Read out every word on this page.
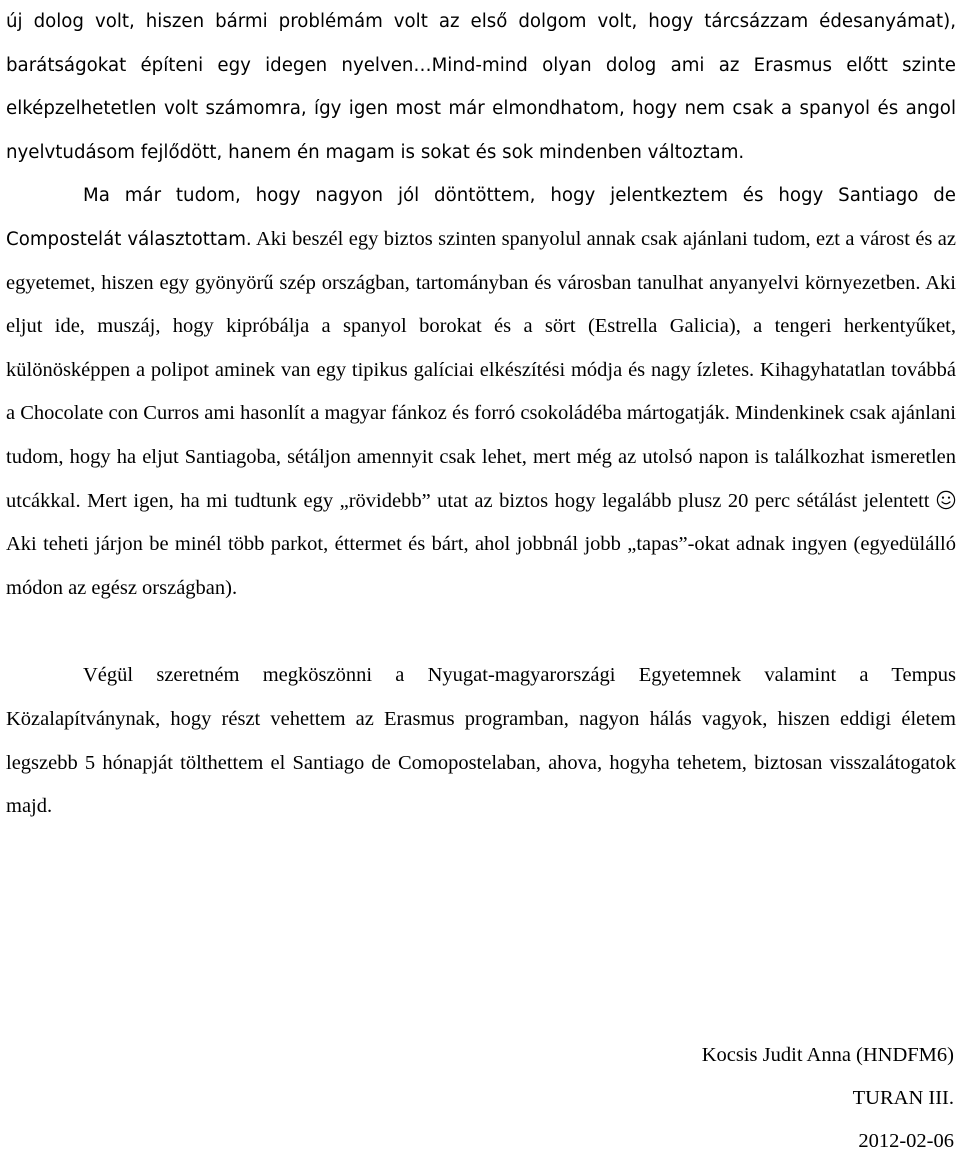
új dolog volt, hiszen bármi problémám volt az első dolgom volt, hogy tárcsázzam édesanyámat), barátságokat építeni egy idegen nyelven…Mind-mind olyan dolog ami az Erasmus előtt szinte elképzelhetetlen volt számomra, így igen most már elmondhatom, hogy nem csak a spanyol és angol nyelvtudásom fejlődött, hanem én magam is sokat és sok mindenben változtam.

Ma már tudom, hogy nagyon jól döntöttem, hogy jelentkeztem és hogy Santiago de Compostelát választottam. Aki beszél egy biztos szinten spanyolul annak csak ajánlani tudom, ezt a várost és az egyetemet, hiszen egy gyönyörű szép országban, tartományban és városban tanulhat anyanyelvi környezetben. Aki eljut ide, muszáj, hogy kipróbálja a spanyol borokat és a sört (Estrella Galicia), a tengeri herkentyűket, különösképpen a polipot aminek van egy tipikus galíciai elkészítési módja és nagy ízletes. Kihagyhatatlan továbbá a Chocolate con Curros ami hasonlít a magyar fánkoz és forró csokoládéba mártogatják. Mindenkinek csak ajánlani tudom, hogy ha eljut Santiagoba, sétáljon amennyit csak lehet, mert még az utolsó napon is találkozhat ismeretlen utcákkal. Mert igen, ha mi tudtunk egy „rövidebb” utat az biztos hogy legalább plusz 20 perc sétálást jelentett
Aki teheti járjon be minél több parkot, éttermet és bárt, ahol jobbnál jobb „tapas”-okat adnak ingyen (egyedülálló módon az egész országban).

Végül szeretném megköszönni a Nyugat-magyarországi Egyetemnek valamint a Tempus Közalapítványnak, hogy részt vehettem az Erasmus programban, nagyon hálás vagyok, hiszen eddigi életem legszebb 5 hónapját tölthettem el Santiago de Comopostelaban, ahova, hogyha tehetem, biztosan visszalátogatok majd.

Kocsis Judit Anna (HNDFM6)

TURAN III.

2012-02-06
